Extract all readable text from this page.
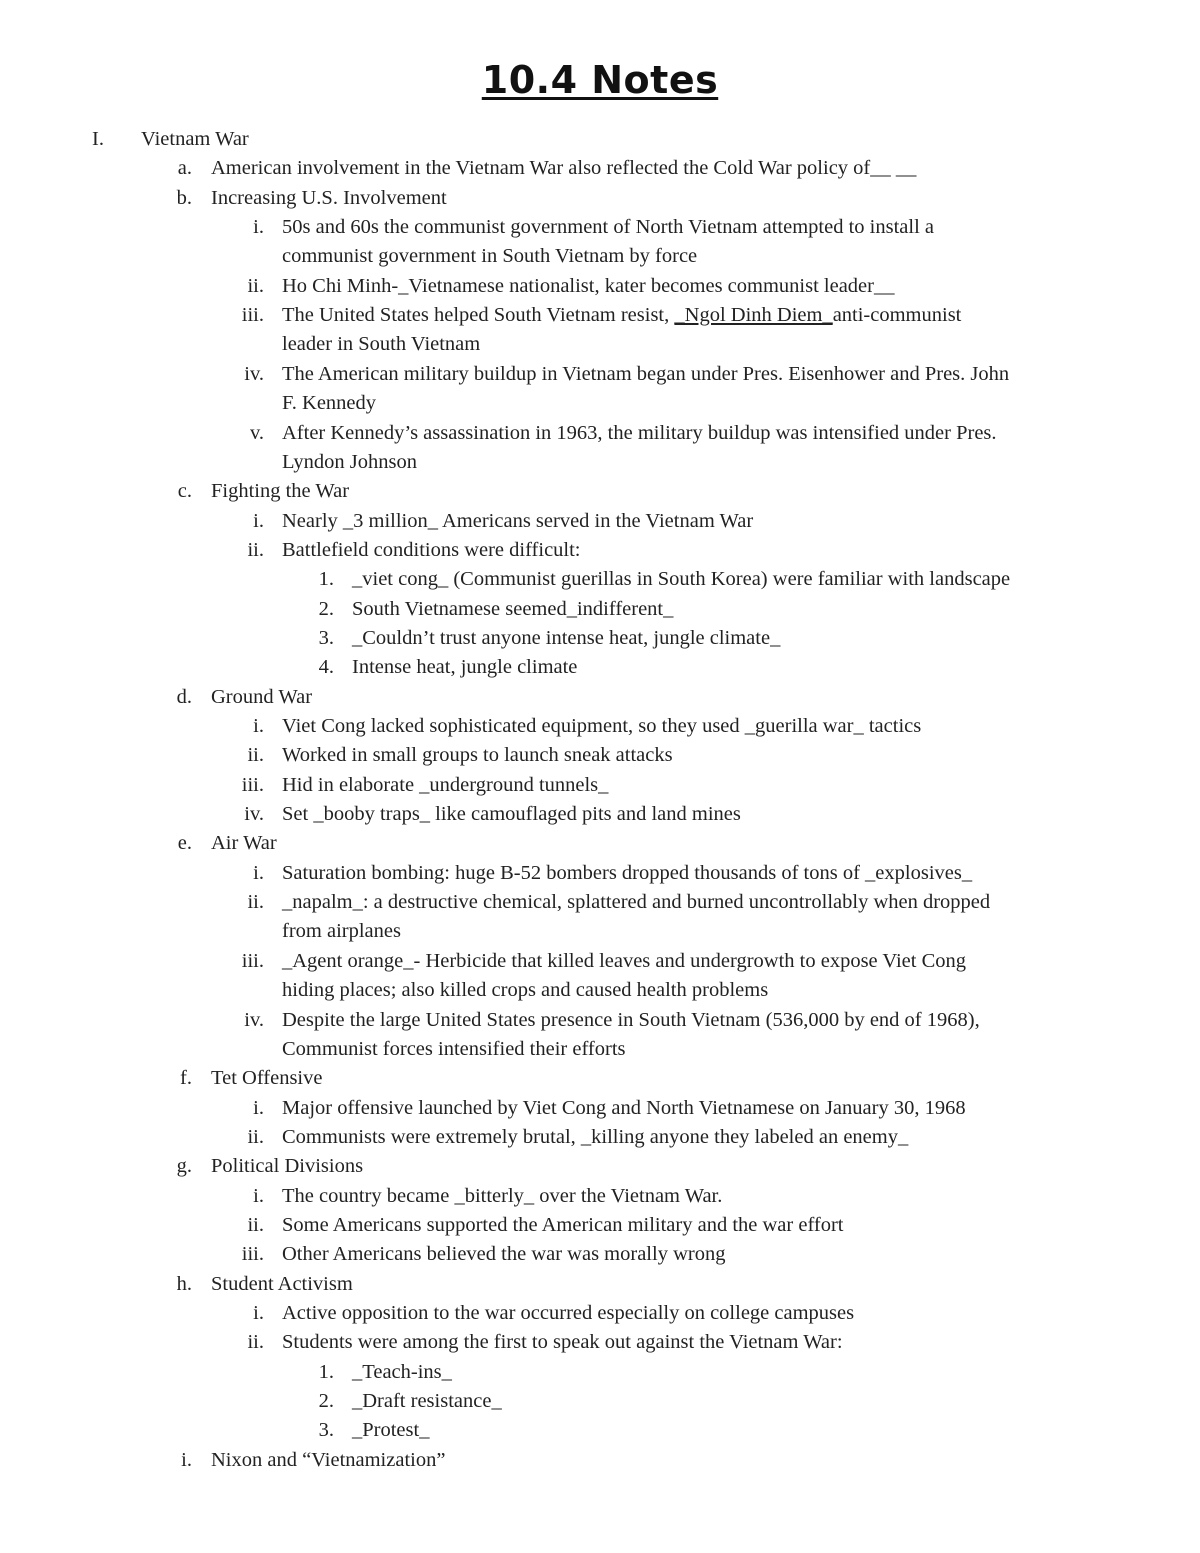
10.4 Notes
I. Vietnam War
a. American involvement in the Vietnam War also reflected the Cold War policy of__ __
b. Increasing U.S. Involvement
i. 50s and 60s the communist government of North Vietnam attempted to install a
communist government in South Vietnam by force
ii. Ho Chi Minh-_Vietnamese nationalist, kater becomes communist leader__
iii. The United States helped South Vietnam resist, _Ngol Dinh Diem_anti-communist
leader in South Vietnam
iv. The American military buildup in Vietnam began under Pres. Eisenhower and Pres. John
F. Kennedy
v. After Kennedy’s assassination in 1963, the military buildup was intensified under Pres.
Lyndon Johnson
c. Fighting the War
i. Nearly _3 million_ Americans served in the Vietnam War
ii. Battlefield conditions were difficult:
1. _viet cong_ (Communist guerillas in South Korea) were familiar with landscape
2. South Vietnamese seemed_indifferent_
3. _Couldn’t trust anyone intense heat, jungle climate_
4. Intense heat, jungle climate
d. Ground War
i. Viet Cong lacked sophisticated equipment, so they used _guerilla war_ tactics
ii. Worked in small groups to launch sneak attacks
iii. Hid in elaborate _underground tunnels_
iv. Set _booby traps_ like camouflaged pits and land mines
e. Air War
i. Saturation bombing: huge B-52 bombers dropped thousands of tons of _explosives_
ii. _napalm_: a destructive chemical, splattered and burned uncontrollably when dropped
from airplanes
iii. _Agent orange_- Herbicide that killed leaves and undergrowth to expose Viet Cong
hiding places; also killed crops and caused health problems
iv. Despite the large United States presence in South Vietnam (536,000 by end of 1968),
Communist forces intensified their efforts
f. Tet Offensive
i. Major offensive launched by Viet Cong and North Vietnamese on January 30, 1968
ii. Communists were extremely brutal, _killing anyone they labeled an enemy_
g. Political Divisions
i. The country became _bitterly_ over the Vietnam War.
ii. Some Americans supported the American military and the war effort
iii. Other Americans believed the war was morally wrong
h. Student Activism
i. Active opposition to the war occurred especially on college campuses
ii. Students were among the first to speak out against the Vietnam War:
1. _Teach-ins_
2. _Draft resistance_
3. _Protest_
i. Nixon and “Vietnamization”
